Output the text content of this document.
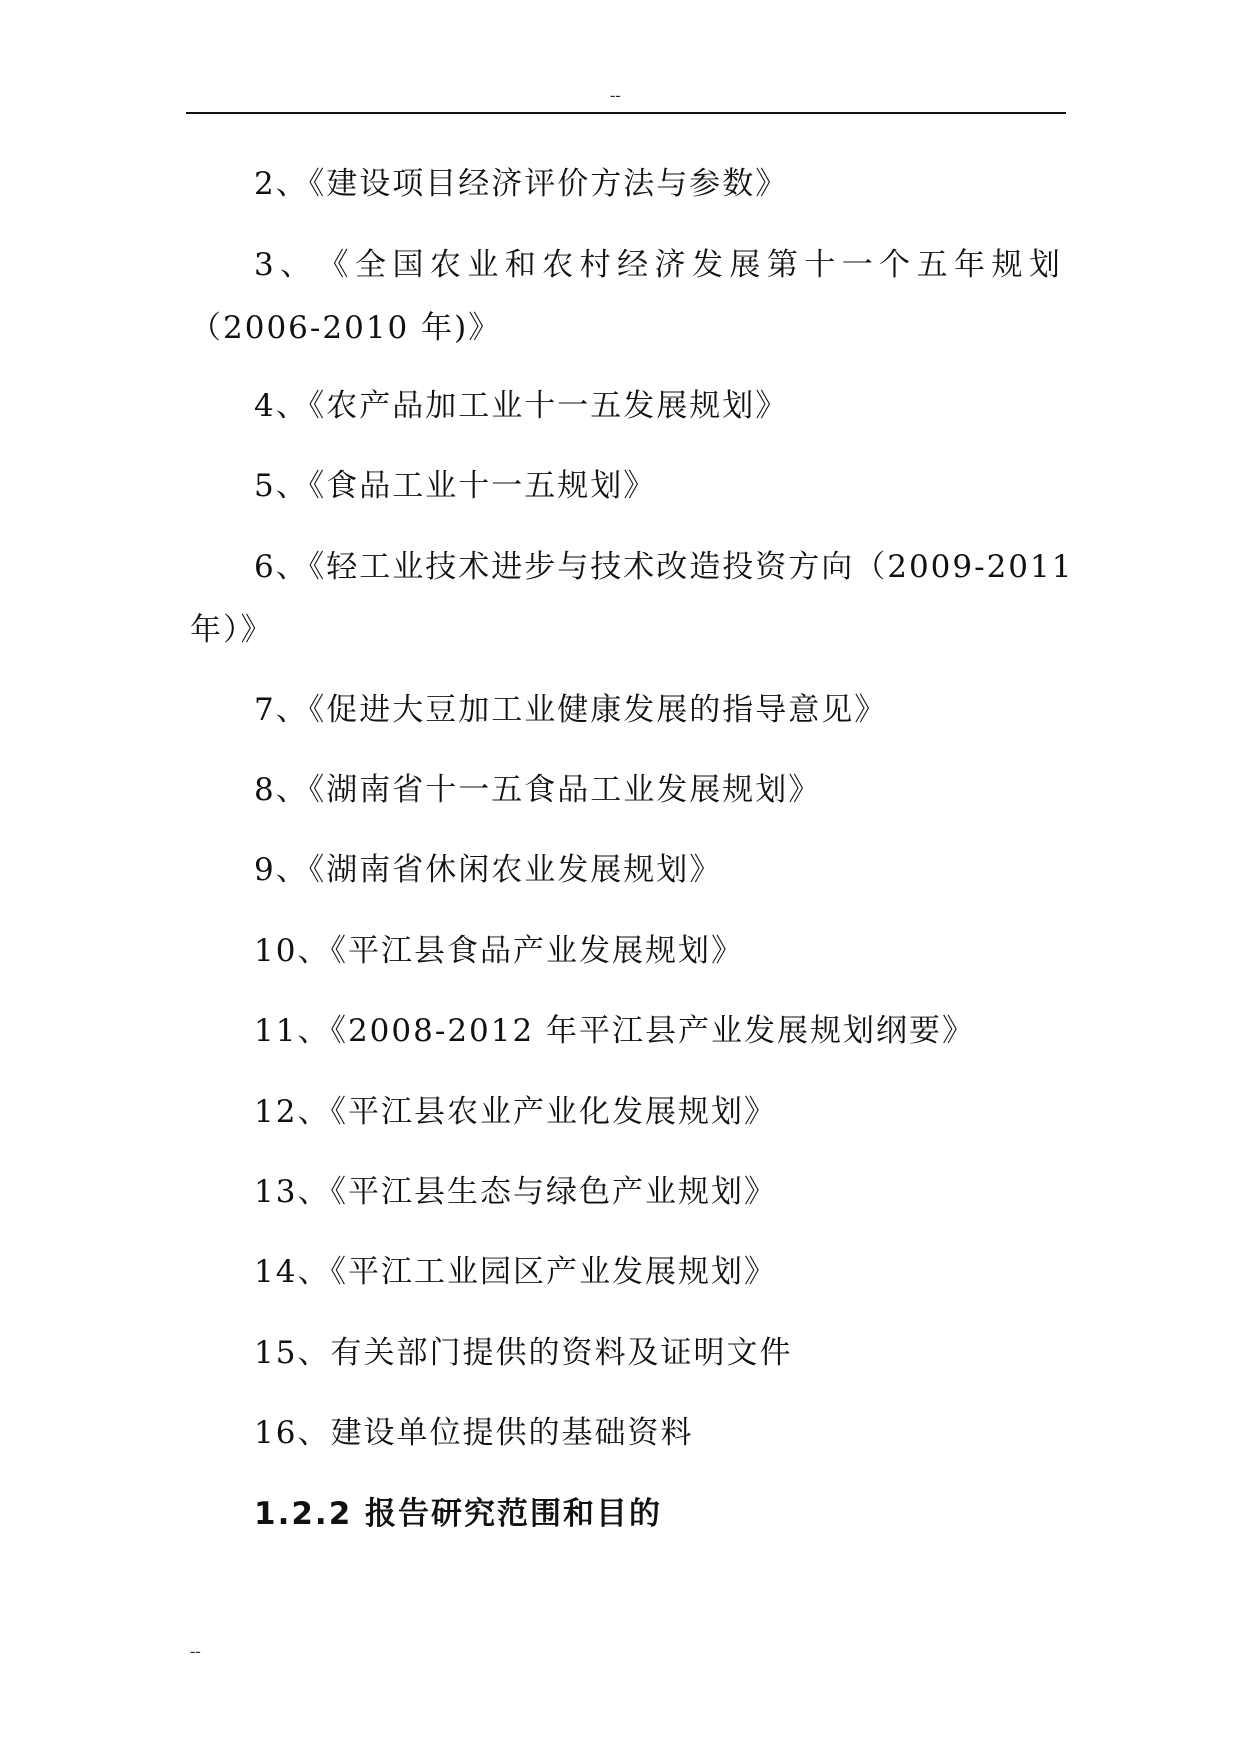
--
2、《建设项目经济评价方法与参数》
3 、 《 全 国 农 业 和 农 村 经 济 发 展 第 十 一 个 五 年 规 划
（2006-2010 年)》
4、《农产品加工业十一五发展规划》
5、《食品工业十一五规划》
6、《轻工业技术进步与技术改造投资方向（2009-2011
年）》
7、《促进大豆加工业健康发展的指导意见》
8、《湖南省十一五食品工业发展规划》
9、《湖南省休闲农业发展规划》
10、《平江县食品产业发展规划》
11、《2008-2012 年平江县产业发展规划纲要》
12、《平江县农业产业化发展规划》
13、《平江县生态与绿色产业规划》
14、《平江工业园区产业发展规划》
15、有关部门提供的资料及证明文件
16、建设单位提供的基础资料
1.2.2 报告研究范围和目的
--
